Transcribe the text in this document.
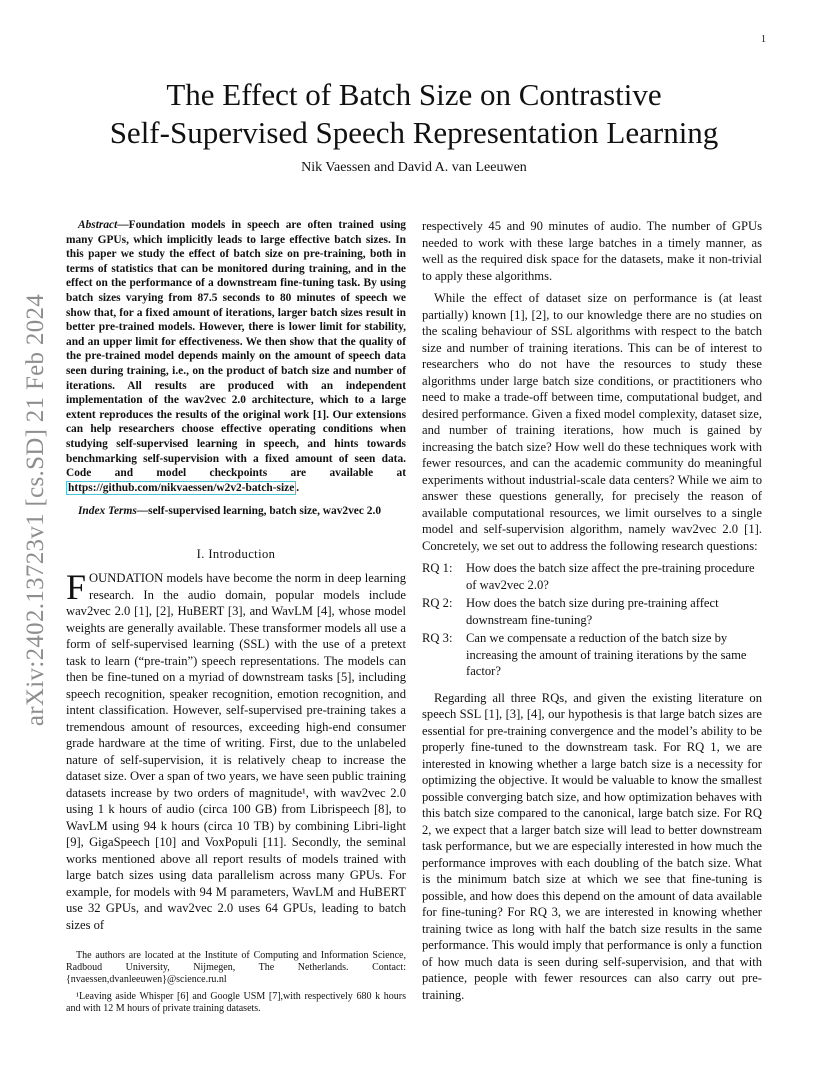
1
arXiv:2402.13723v1 [cs.SD] 21 Feb 2024
The Effect of Batch Size on Contrastive
Self-Supervised Speech Representation Learning
Nik Vaessen and David A. van Leeuwen

Abstract—Foundation models in speech are often trained using many GPUs, which implicitly leads to large effective batch sizes. In this paper we study the effect of batch size on pre-training, both in terms of statistics that can be monitored during training, and in the effect on the performance of a downstream fine-tuning task. By using batch sizes varying from 87.5 seconds to 80 minutes of speech we show that, for a fixed amount of iterations, larger batch sizes result in better pre-trained models. However, there is lower limit for stability, and an upper limit for effectiveness. We then show that the quality of the pre-trained model depends mainly on the amount of speech data seen during training, i.e., on the product of batch size and number of iterations. All results are produced with an independent implementation of the wav2vec 2.0 architecture, which to a large extent reproduces the results of the original work [1]. Our extensions can help researchers choose effective operating conditions when studying self-supervised learning in speech, and hints towards benchmarking self-supervision with a fixed amount of seen data. Code and model checkpoints are available at https://github.com/nikvaessen/w2v2-batch-size .

Index Terms—self-supervised learning, batch size, wav2vec 2.0

I. Introduction

FOUNDATION models have become the norm in deep learning research. In the audio domain, popular models include wav2vec 2.0 [1], [2], HuBERT [3], and WavLM [4], whose model weights are generally available. These transformer models all use a form of self-supervised learning (SSL) with the use of a pretext task to learn (“pre-train”) speech representations. The models can then be fine-tuned on a myriad of downstream tasks [5], including speech recognition, speaker recognition, emotion recognition, and intent classification. However, self-supervised pre-training takes a tremendous amount of resources, exceeding high-end consumer grade hardware at the time of writing. First, due to the unlabeled nature of self-supervision, it is relatively cheap to increase the dataset size. Over a span of two years, we have seen public training datasets increase by two orders of magnitude¹, with wav2vec 2.0 using 1 k hours of audio (circa 100 GB) from Librispeech [8], to WavLM using 94 k hours (circa 10 TB) by combining Libri-light [9], GigaSpeech [10] and VoxPopuli [11]. Secondly, the seminal works mentioned above all report results of models trained with large batch sizes using data parallelism across many GPUs. For example, for models with 94 M parameters, WavLM and HuBERT use 32 GPUs, and wav2vec 2.0 uses 64 GPUs, leading to batch sizes of

The authors are located at the Institute of Computing and Information Science, Radboud University, Nijmegen, The Netherlands. Contact: {nvaessen,dvanleeuwen}@science.ru.nl

¹Leaving aside Whisper [6] and Google USM [7],with respectively 680 k hours and with 12 M hours of private training datasets.

respectively 45 and 90 minutes of audio. The number of GPUs needed to work with these large batches in a timely manner, as well as the required disk space for the datasets, make it non-trivial to apply these algorithms.

While the effect of dataset size on performance is (at least partially) known [1], [2], to our knowledge there are no studies on the scaling behaviour of SSL algorithms with respect to the batch size and number of training iterations. This can be of interest to researchers who do not have the resources to study these algorithms under large batch size conditions, or practitioners who need to make a trade-off between time, computational budget, and desired performance. Given a fixed model complexity, dataset size, and number of training iterations, how much is gained by increasing the batch size? How well do these techniques work with fewer resources, and can the academic community do meaningful experiments without industrial-scale data centers? While we aim to answer these questions generally, for precisely the reason of available computational resources, we limit ourselves to a single model and self-supervision algorithm, namely wav2vec 2.0 [1]. Concretely, we set out to address the following research questions:

RQ 1:	How does the batch size affect the pre-training procedure of wav2vec 2.0?
RQ 2:	How does the batch size during pre-training affect downstream fine-tuning?
RQ 3:	Can we compensate a reduction of the batch size by increasing the amount of training iterations by the same factor?

Regarding all three RQs, and given the existing literature on speech SSL [1], [3], [4], our hypothesis is that large batch sizes are essential for pre-training convergence and the model’s ability to be properly fine-tuned to the downstream task. For RQ 1, we are interested in knowing whether a large batch size is a necessity for optimizing the objective. It would be valuable to know the smallest possible converging batch size, and how optimization behaves with this batch size compared to the canonical, large batch size. For RQ 2, we expect that a larger batch size will lead to better downstream task performance, but we are especially interested in how much the performance improves with each doubling of the batch size. What is the minimum batch size at which we see that fine-tuning is possible, and how does this depend on the amount of data available for fine-tuning? For RQ 3, we are interested in knowing whether training twice as long with half the batch size results in the same performance. This would imply that performance is only a function of how much data is seen during self-supervision, and that with patience, people with fewer resources can also carry out pre-training.
